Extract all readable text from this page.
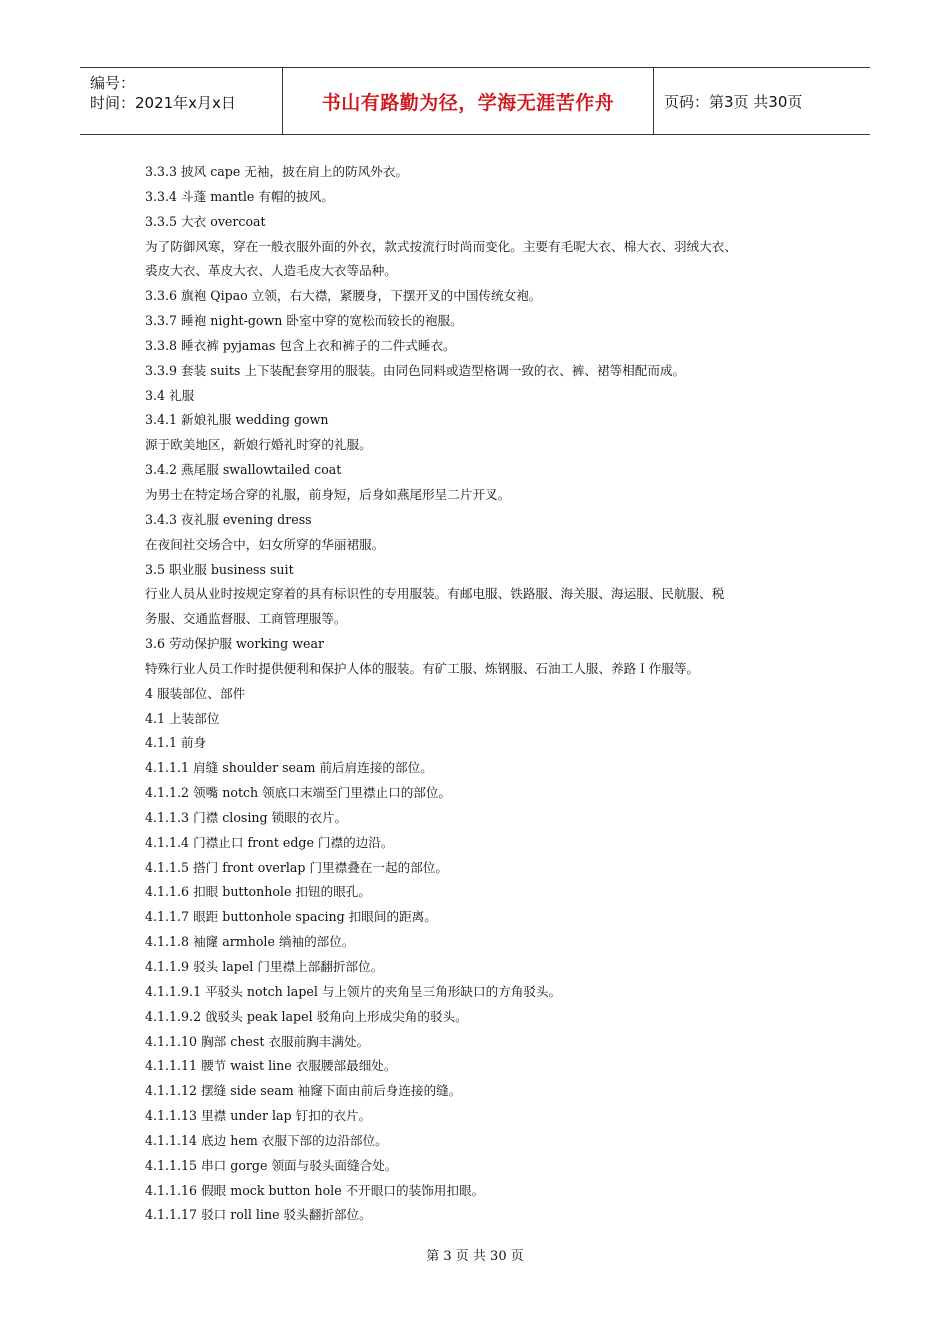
编号：
时间：2021年x月x日	书山有路勤为径，学海无涯苦作舟	页码：第3页 共30页
3.3.3 披风 cape 无袖，披在肩上的防风外衣。
3.3.4 斗蓬 mantle 有帽的披风。
3.3.5 大衣 overcoat
为了防御风寒，穿在一般衣服外面的外衣，款式按流行时尚而变化。主要有毛呢大衣、棉大衣、羽绒大衣、
裘皮大衣、革皮大衣、人造毛皮大衣等品种。
3.3.6 旗袍 Qipao 立领，右大襟，紧腰身，下摆开叉的中国传统女袍。
3.3.7 睡袍 night-gown 卧室中穿的宽松而较长的袍服。
3.3.8 睡衣裤 pyjamas 包含上衣和裤子的二件式睡衣。
3.3.9 套装 suits 上下装配套穿用的服装。由同色同料或造型格调一致的衣、裤、裙等相配而成。
3.4 礼服
3.4.1 新娘礼服 wedding gown
源于欧美地区，新娘行婚礼时穿的礼服。
3.4.2 燕尾服 swallowtailed coat
为男士在特定场合穿的礼服，前身短，后身如燕尾形呈二片开叉。
3.4.3 夜礼服 evening dress
在夜间社交场合中，妇女所穿的华丽裙服。
3.5 职业服 business suit
行业人员从业时按规定穿着的具有标识性的专用服装。有邮电服、铁路服、海关服、海运服、民航服、税
务服、交通监督服、工商管理服等。
3.6 劳动保护服 working wear
特殊行业人员工作时提供便利和保护人体的服装。有矿工服、炼钢服、石油工人服、养路Ｉ作服等。
4 服装部位、部件
4.1 上装部位
4.1.1 前身
4.1.1.1 肩缝 shoulder seam 前后肩连接的部位。
4.1.1.2 领嘴 notch 领底口末端至门里襟止口的部位。
4.1.1.3 门襟 closing 锁眼的衣片。
4.1.1.4 门襟止口 front edge 门襟的边沿。
4.1.1.5 搭门 front overlap 门里襟叠在一起的部位。
4.1.1.6 扣眼 buttonhole 扣钮的眼孔。
4.1.1.7 眼距 buttonhole spacing 扣眼间的距离。
4.1.1.8 袖窿 armhole 绱袖的部位。
4.1.1.9 驳头 lapel 门里襟上部翻折部位。
4.1.1.9.1 平驳头 notch lapel 与上领片的夹角呈三角形缺口的方角驳头。
4.1.1.9.2 戗驳头 peak lapel 驳角向上形成尖角的驳头。
4.1.1.10 胸部 chest 衣服前胸丰满处。
4.1.1.11 腰节 waist line 衣服腰部最细处。
4.1.1.12 摆缝 side seam 袖窿下面由前后身连接的缝。
4.1.1.13 里襟 under lap 钉扣的衣片。
4.1.1.14 底边 hem 衣服下部的边沿部位。
4.1.1.15 串口 gorge 领面与驳头面缝合处。
4.1.1.16 假眼 mock button hole 不开眼口的装饰用扣眼。
4.1.1.17 驳口 roll line 驳头翻折部位。
第 3 页 共 30 页
